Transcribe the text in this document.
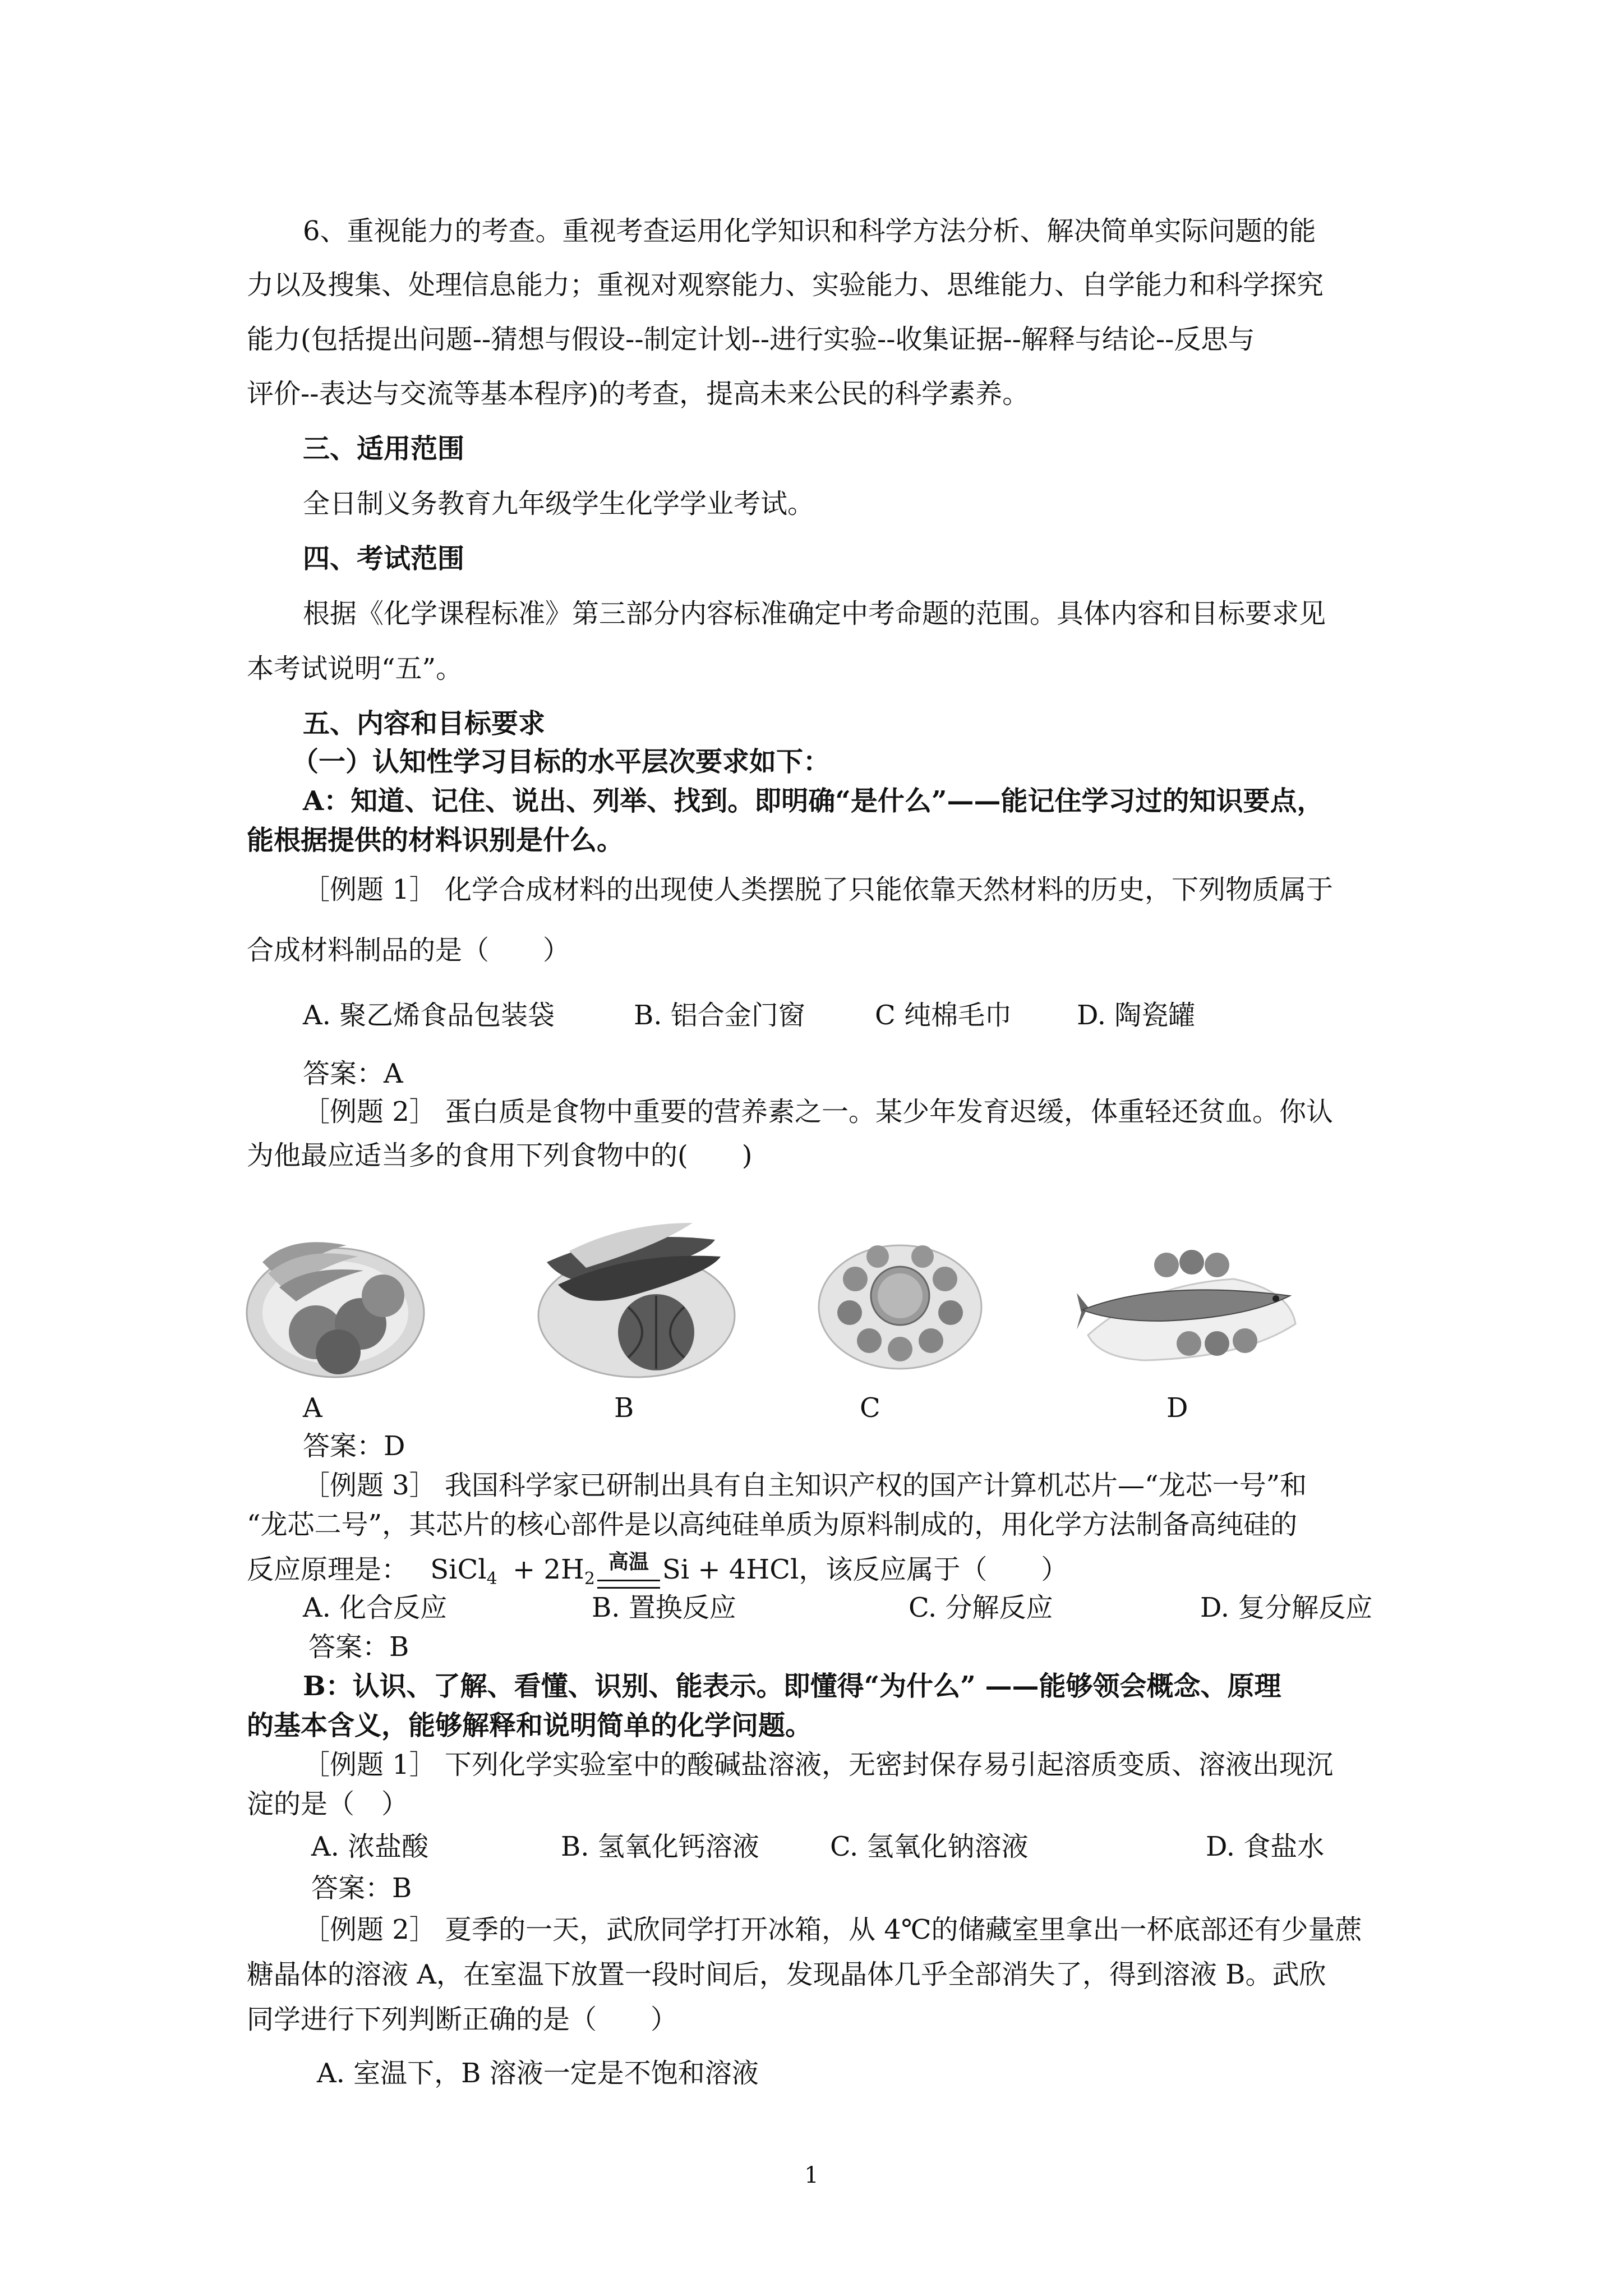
6、重视能力的考查。重视考查运用化学知识和科学方法分析、解决简单实际问题的能
力以及搜集、处理信息能力；重视对观察能力、实验能力、思维能力、自学能力和科学探究
能力(包括提出问题--猜想与假设--制定计划--进行实验--收集证据--解释与结论--反思与
评价--表达与交流等基本程序)的考查，提高未来公民的科学素养。
三、适用范围
全日制义务教育九年级学生化学学业考试。
四、考试范围
根据《化学课程标准》第三部分内容标准确定中考命题的范围。具体内容和目标要求见
本考试说明“五”。
五、内容和目标要求
（一）认知性学习目标的水平层次要求如下：
A：知道、记住、说出、列举、找到。即明确“是什么”——能记住学习过的知识要点，
能根据提供的材料识别是什么。
［例题 1］ 化学合成材料的出现使人类摆脱了只能依靠天然材料的历史，下列物质属于
合成材料制品的是（　　）
A. 聚乙烯食品包装袋	B. 铝合金门窗	C 纯棉毛巾 D. 陶瓷罐
答案：A
［例题 2］ 蛋白质是食物中重要的营养素之一。某少年发育迟缓，体重轻还贫血。你认
为他最应适当多的食用下列食物中的(　　)
A	B	C	D
答案：D
［例题 3］ 我国科学家已研制出具有自主知识产权的国产计算机芯片—“龙芯一号”和
“龙芯二号”，其芯片的核心部件是以高纯硅单质为原料制成的，用化学方法制备高纯硅的
反应原理是： SiCl$_4$ + $2H_2$
高温 Si + 4HCl，该反应属于（　　）
A. 化合反应	B. 置换反应	C. 分解反应	D. 复分解反应
答案：B
B：认识、了解、看懂、识别、能表示。即懂得“为什么” ——能够领会概念、原理
的基本含义，能够解释和说明简单的化学问题。
［例题 1］ 下列化学实验室中的酸碱盐溶液，无密封保存易引起溶质变质、溶液出现沉
淀的是（　）
A. 浓盐酸	B. 氢氧化钙溶液	C. 氢氧化钠溶液	D. 食盐水
答案：B
［例题 2］ 夏季的一天，武欣同学打开冰箱，从 4℃的储藏室里拿出一杯底部还有少量蔗
糖晶体的溶液 A，在室温下放置一段时间后，发现晶体几乎全部消失了，得到溶液 B。武欣
同学进行下列判断正确的是（　　）
A. 室温下，B 溶液一定是不饱和溶液
1
